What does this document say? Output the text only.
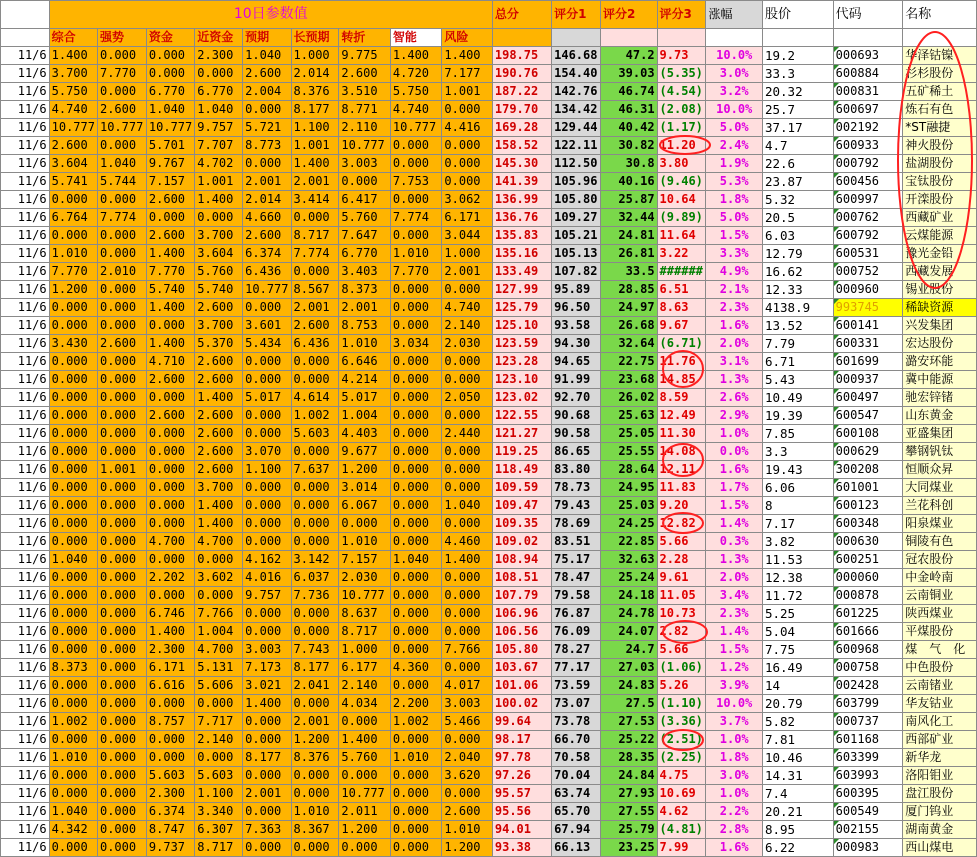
	10日参数值									总分	评分1	评分2	评分3	涨幅	股价	代码	名称
	综合	强势	资金	近资金	预期	长预期	转折	智能	风险								
11/6	1.400	0.000	0.000	2.300	1.040	1.000	9.775	1.400	1.400	198.75	146.68	47.2	9.73	10.0%	19.2	000693	华泽钴镍
11/6	3.700	7.770	0.000	0.000	2.600	2.014	2.600	4.720	7.177	190.76	154.40	39.03	(5.35)	3.0%	33.3	600884	杉杉股份
11/6	5.750	0.000	6.770	6.770	2.004	8.376	3.510	5.750	1.001	187.22	142.76	46.74	(4.54)	3.2%	20.32	000831	五矿稀土
11/6	4.740	2.600	1.040	1.040	0.000	8.177	8.771	4.740	0.000	179.70	134.42	46.31	(2.08)	10.0%	25.7	600697	炼石有色
11/6	10.777	10.777	10.777	9.757	5.721	1.100	2.110	10.777	4.416	169.28	129.44	40.42	(1.17)	5.0%	37.17	002192	*ST融捷
11/6	2.600	0.000	5.701	7.707	8.773	1.001	10.777	0.000	0.000	158.52	122.11	30.82	11.20	2.4%	4.7	600933	神火股份
11/6	3.604	1.040	9.767	4.702	0.000	1.400	3.003	0.000	0.000	145.30	112.50	30.8	3.80	1.9%	22.6	000792	盐湖股份
11/6	5.741	5.744	7.157	1.001	2.001	2.001	0.000	7.753	0.000	141.39	105.96	40.16	(9.46)	5.3%	23.87	600456	宝钛股份
11/6	0.000	0.000	2.600	1.400	2.014	3.414	6.417	0.000	3.062	136.99	105.80	25.87	10.64	1.8%	5.32	600997	开滦股份
11/6	6.764	7.774	0.000	0.000	4.660	0.000	5.760	7.774	6.171	136.76	109.27	32.44	(9.89)	5.0%	20.5	000762	西藏矿业
11/6	0.000	0.000	2.600	3.700	2.600	8.717	7.647	0.000	3.044	135.83	105.21	24.81	11.64	1.5%	6.03	600792	云煤能源
11/6	1.010	0.000	1.400	3.604	6.374	7.774	6.770	1.010	1.000	135.16	105.13	26.81	3.22	3.3%	12.79	600531	豫光金铅
11/6	7.770	2.010	7.770	5.760	6.436	0.000	3.403	7.770	2.001	133.49	107.82	33.5	######	4.9%	16.62	000752	西藏发展
11/6	1.200	0.000	5.740	5.740	10.777	8.567	8.373	0.000	0.000	127.99	95.89	28.85	6.51	2.1%	12.33	000960	锡业股份
11/6	0.000	0.000	1.400	2.600	0.000	2.001	2.001	0.000	4.740	125.79	96.50	24.97	8.63	2.3%	4138.9	993745	稀缺资源
11/6	0.000	0.000	0.000	3.700	3.601	2.600	8.753	0.000	2.140	125.10	93.58	26.68	9.67	1.6%	13.52	600141	兴发集团
11/6	3.430	2.600	1.400	5.370	5.434	6.436	1.010	3.034	2.030	123.59	94.30	32.64	(6.71)	2.0%	7.79	600331	宏达股份
11/6	0.000	0.000	4.710	2.600	0.000	0.000	6.646	0.000	0.000	123.28	94.65	22.75	11.76	3.1%	6.71	601699	潞安环能
11/6	0.000	0.000	2.600	2.600	0.000	0.000	4.214	0.000	0.000	123.10	91.99	23.68	14.85	1.3%	5.43	000937	冀中能源
11/6	0.000	0.000	0.000	1.400	5.017	4.614	5.017	0.000	2.050	123.02	92.70	26.02	8.59	2.6%	10.49	600497	驰宏锌锗
11/6	0.000	0.000	2.600	2.600	0.000	1.002	1.004	0.000	0.000	122.55	90.68	25.63	12.49	2.9%	19.39	600547	山东黄金
11/6	0.000	0.000	0.000	2.600	0.000	5.603	4.403	0.000	2.440	121.27	90.58	25.05	11.30	1.0%	7.85	600108	亚盛集团
11/6	0.000	0.000	0.000	2.600	3.070	0.000	9.677	0.000	0.000	119.25	86.65	25.55	14.08	0.0%	3.3	000629	攀钢钒钛
11/6	0.000	1.001	0.000	2.600	1.100	7.637	1.200	0.000	0.000	118.49	83.80	28.64	12.11	1.6%	19.43	300208	恒顺众昇
11/6	0.000	0.000	0.000	3.700	0.000	0.000	3.014	0.000	0.000	109.59	78.73	24.95	11.83	1.7%	6.06	601001	大同煤业
11/6	0.000	0.000	0.000	1.400	0.000	0.000	6.067	0.000	1.040	109.47	79.43	25.03	9.20	1.5%	8	600123	兰花科创
11/6	0.000	0.000	0.000	1.400	0.000	0.000	0.000	0.000	0.000	109.35	78.69	24.25	12.82	1.4%	7.17	600348	阳泉煤业
11/6	0.000	0.000	4.700	4.700	0.000	0.000	1.010	0.000	4.460	109.02	83.51	22.85	5.66	0.3%	3.82	000630	铜陵有色
11/6	1.040	0.000	0.000	0.000	4.162	3.142	7.157	1.040	1.400	108.94	75.17	32.63	2.28	1.3%	11.53	600251	冠农股份
11/6	0.000	0.000	2.202	3.602	4.016	6.037	2.030	0.000	0.000	108.51	78.47	25.24	9.61	2.0%	12.38	000060	中金岭南
11/6	0.000	0.000	0.000	0.000	9.757	7.736	10.777	0.000	0.000	107.79	79.58	24.18	11.05	3.4%	11.72	000878	云南铜业
11/6	0.000	0.000	6.746	7.766	0.000	0.000	8.637	0.000	0.000	106.96	76.87	24.78	10.73	2.3%	5.25	601225	陕西煤业
11/6	0.000	0.000	1.400	1.004	0.000	0.000	8.717	0.000	0.000	106.56	76.09	24.07	2.82	1.4%	5.04	601666	平煤股份
11/6	0.000	0.000	2.300	4.700	3.003	7.743	1.000	0.000	7.766	105.80	78.27	24.7	5.66	1.5%	7.75	600968	煤　气　化
11/6	8.373	0.000	6.171	5.131	7.173	8.177	6.177	4.360	0.000	103.67	77.17	27.03	(1.06)	1.2%	16.49	000758	中色股份
11/6	0.000	0.000	6.616	5.606	3.021	2.041	2.140	0.000	4.017	101.06	73.59	24.83	5.26	3.9%	14	002428	云南锗业
11/6	0.000	0.000	0.000	0.000	1.400	0.000	4.034	2.200	3.003	100.02	73.07	27.5	(1.10)	10.0%	20.79	603799	华友钴业
11/6	1.002	0.000	8.757	7.717	0.000	2.001	0.000	1.002	5.466	99.64	73.78	27.53	(3.36)	3.7%	5.82	000737	南风化工
11/6	0.000	0.000	0.000	2.140	0.000	1.200	1.400	0.000	0.000	98.17	66.70	25.22	(2.51)	1.0%	7.81	601168	西部矿业
11/6	1.010	0.000	0.000	0.000	8.177	8.376	5.760	1.010	2.040	97.78	70.58	28.35	(2.25)	1.8%	10.46	603399	新华龙
11/6	0.000	0.000	5.603	5.603	0.000	0.000	0.000	0.000	3.620	97.26	70.04	24.84	4.75	3.0%	14.31	603993	洛阳钼业
11/6	0.000	0.000	2.300	1.100	2.001	0.000	10.777	0.000	0.000	95.57	63.74	27.93	10.69	1.0%	7.4	600395	盘江股份
11/6	1.040	0.000	6.374	3.340	0.000	1.010	2.011	0.000	2.600	95.56	65.70	27.55	4.62	2.2%	20.21	600549	厦门钨业
11/6	4.342	0.000	8.747	6.307	7.363	8.367	1.200	0.000	1.010	94.01	67.94	25.79	(4.81)	2.8%	8.95	002155	湖南黄金
11/6	0.000	0.000	9.737	8.717	0.000	0.000	0.000	0.000	1.200	93.38	66.13	23.25	7.99	1.6%	6.22	000983	西山煤电
